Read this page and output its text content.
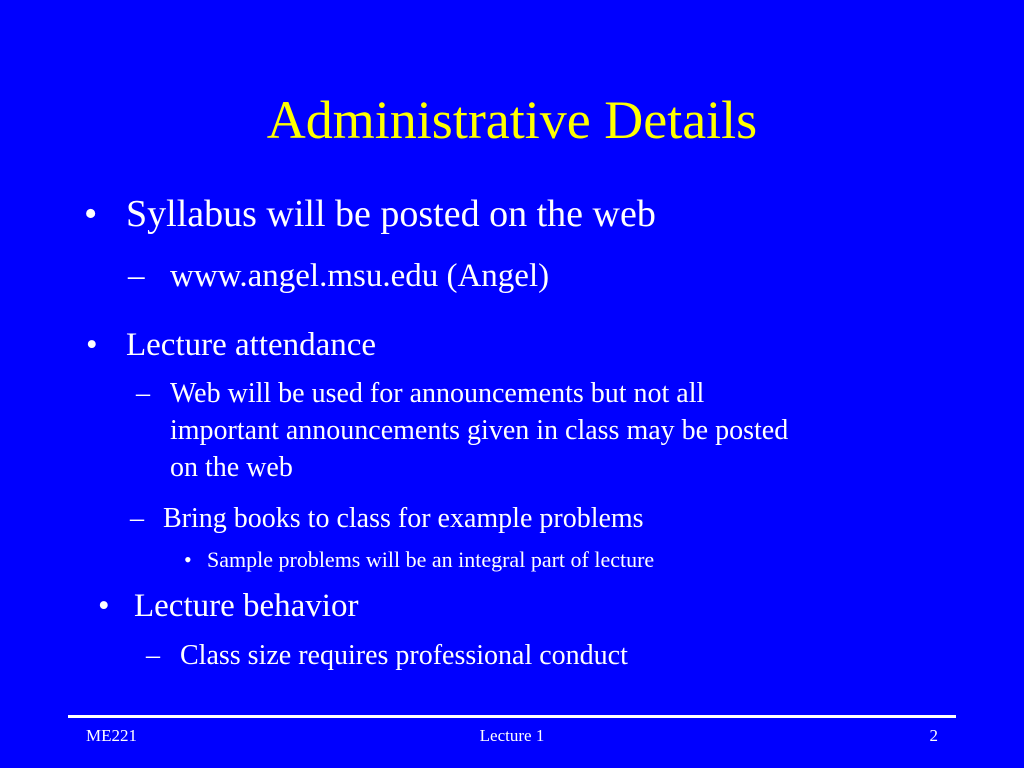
Administrative Details
• Syllabus will be posted on the web
– www.angel.msu.edu (Angel)
• Lecture attendance
– Web will be used for announcements but not all
important announcements given in class may be posted
on the web
– Bring books to class for example problems
• Sample problems will be an integral part of lecture
• Lecture behavior
– Class size requires professional conduct
ME221	Lecture 1	2
